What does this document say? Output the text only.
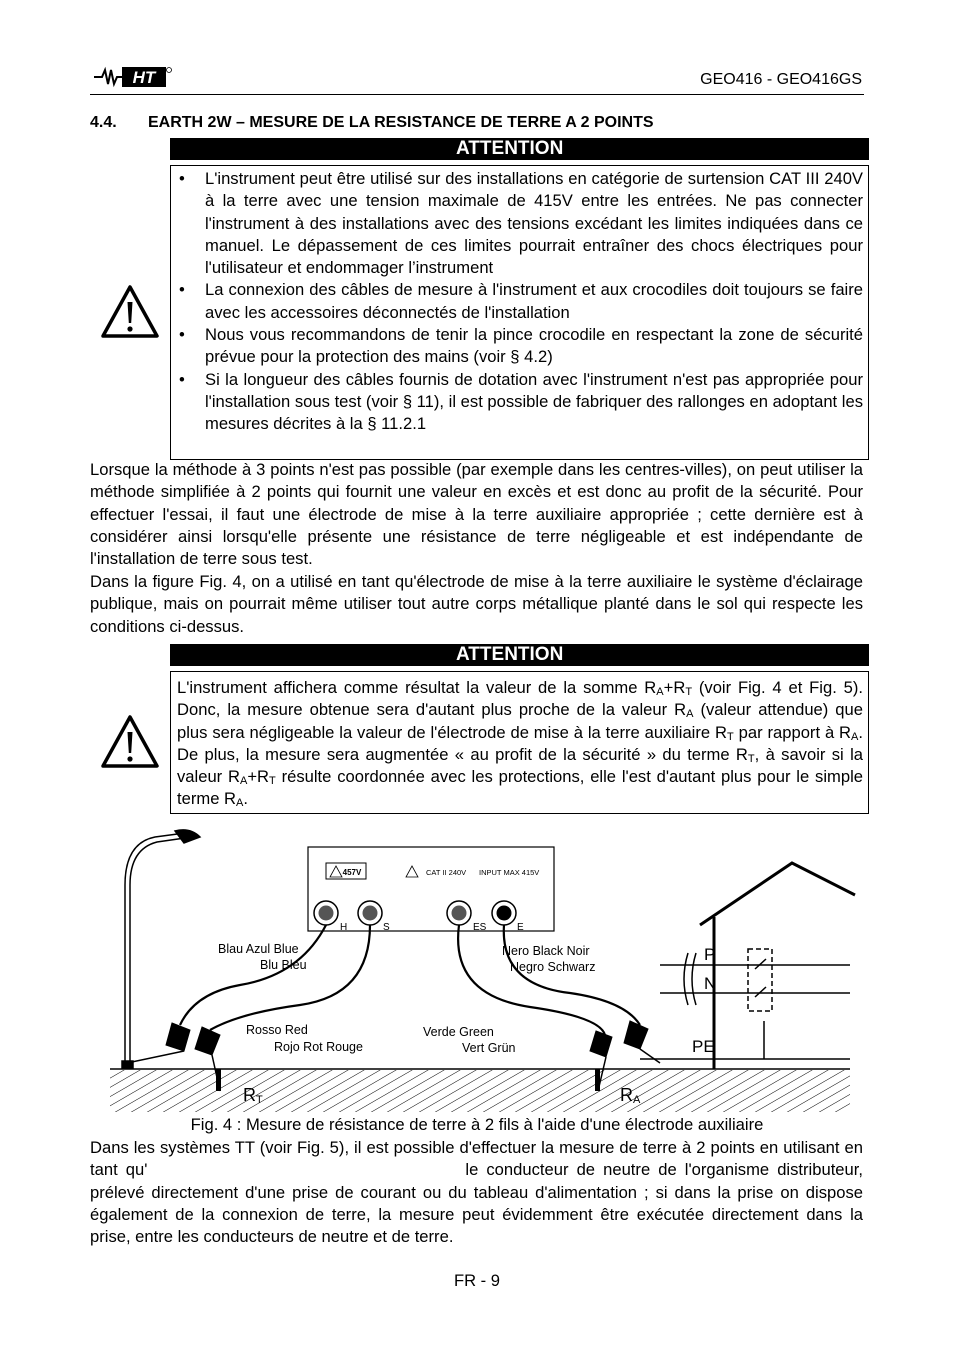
HT	GEO416 - GEO416GS
4.4. EARTH 2W – MESURE DE LA RESISTANCE DE TERRE A 2 POINTS
ATTENTION
• L'instrument peut être utilisé sur des installations en catégorie de surtension CAT III 240V à la terre avec une tension maximale de 415V entre les entrées. Ne pas connecter l'instrument à des installations avec des tensions excédant les limites indiquées dans ce manuel. Le dépassement de ces limites pourrait entraîner des chocs électriques pour l'utilisateur et endommager l’instrument
• La connexion des câbles de mesure à l'instrument et aux crocodiles doit toujours se faire avec les accessoires déconnectés de l'installation
• Nous vous recommandons de tenir la pince crocodile en respectant la zone de sécurité prévue pour la protection des mains (voir § 4.2)
• Si la longueur des câbles fournis de dotation avec l'instrument n'est pas appropriée pour l'installation sous test (voir § 11), il est possible de fabriquer des rallonges en adoptant les mesures décrites à la § 11.2.1
Lorsque la méthode à 3 points n'est pas possible (par exemple dans les centres-villes), on peut utiliser la méthode simplifiée à 2 points qui fournit une valeur en excès et est donc au profit de la sécurité. Pour effectuer l'essai, il faut une électrode de mise à la terre auxiliaire appropriée ; cette dernière est à considérer ainsi lorsqu'elle présente une résistance de terre négligeable et est indépendante de l'installation de terre sous test.
Dans la figure Fig. 4, on a utilisé en tant qu'électrode de mise à la terre auxiliaire le système d'éclairage publique, mais on pourrait même utiliser tout autre corps métallique planté dans le sol qui respecte les conditions ci-dessus.
ATTENTION
L'instrument affichera comme résultat la valeur de la somme $R_A+R_T$ (voir Fig. 4 et Fig. 5). Donc, la mesure obtenue sera d'autant plus proche de la valeur $R_A$ (valeur attendue) que plus sera négligeable la valeur de l'électrode de mise à la terre auxiliaire $R_T$ par rapport à $R_A$. De plus, la mesure sera augmentée « au profit de la sécurité » du terme $R_T$, à savoir si la valeur $R_A+R_T$ résulte coordonnée avec les protections, elle l'est d'autant plus pour le simple terme $R_A$.
457V	CAT II 240V INPUT MAX 415V
H	S	ES	E
Blau Azul Blue
Blu Bleu
Nero Black Noir
Negro Schwarz
Rosso Red
Rojo Rot Rouge
Verde Green
Vert Grün
RT	RA
P
N
PE
Fig. 4 : Mesure de résistance de terre à 2 fils à l'aide d'une électrode auxiliaire
Dans les systèmes TT (voir Fig. 5), il est possible d'effectuer la mesure de terre à 2 points en utilisant en tant qu'	le conducteur de neutre de l'organisme distributeur, prélevé directement d'une prise de courant ou du tableau d'alimentation ; si dans la prise on dispose également de la connexion de terre, la mesure peut évidemment être exécutée directement dans la prise, entre les conducteurs de neutre et de terre.
FR - 9
